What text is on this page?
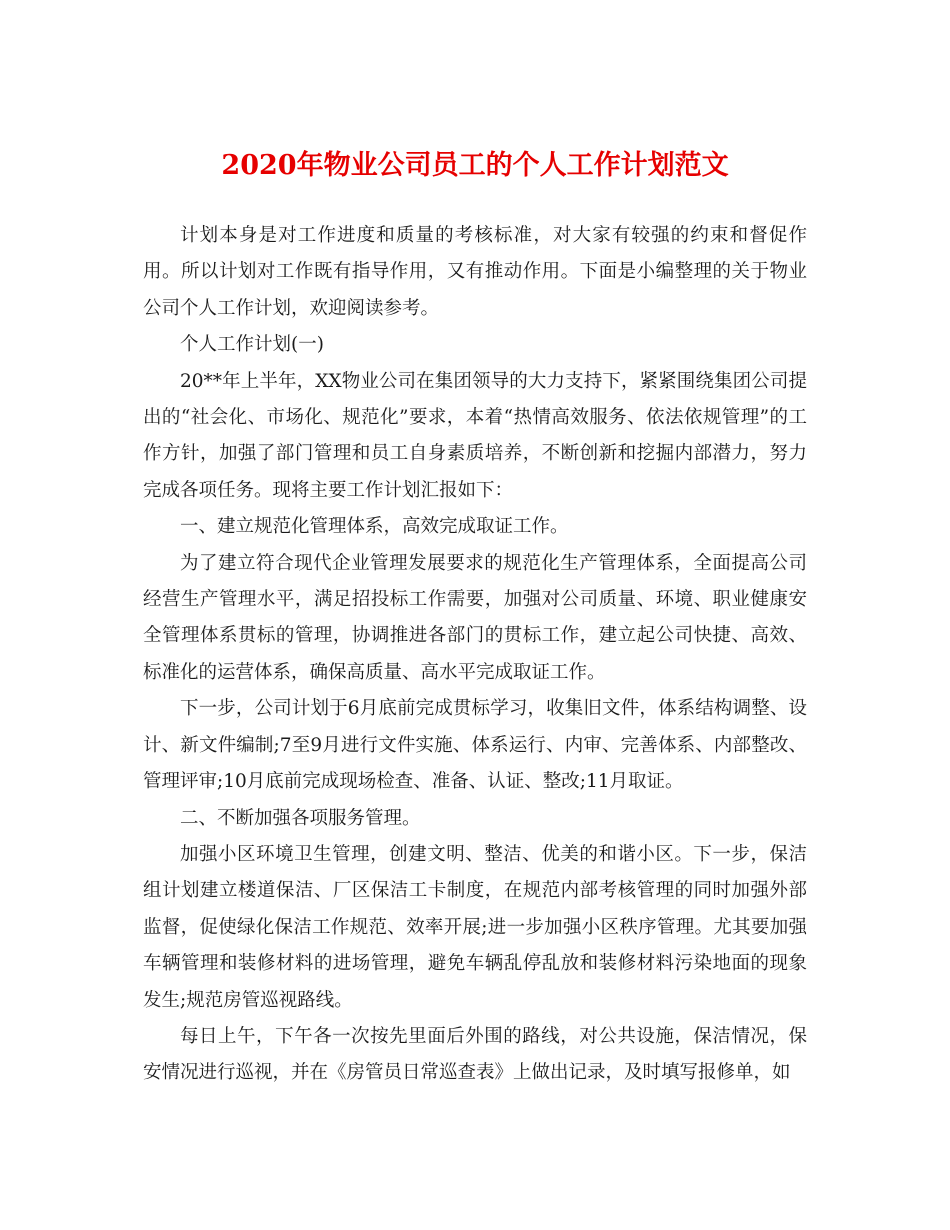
2020年物业公司员工的个人工作计划范文

计划本身是对工作进度和质量的考核标准，对大家有较强的约束和督促作用。所以计划对工作既有指导作用，又有推动作用。下面是小编整理的关于物业公司个人工作计划，欢迎阅读参考。

个人工作计划(一)

20**年上半年，XX物业公司在集团领导的大力支持下，紧紧围绕集团公司提出的“社会化、市场化、规范化”要求，本着“热情高效服务、依法依规管理”的工作方针，加强了部门管理和员工自身素质培养，不断创新和挖掘内部潜力，努力完成各项任务。现将主要工作计划汇报如下：

一、建立规范化管理体系，高效完成取证工作。

为了建立符合现代企业管理发展要求的规范化生产管理体系，全面提高公司经营生产管理水平，满足招投标工作需要，加强对公司质量、环境、职业健康安全管理体系贯标的管理，协调推进各部门的贯标工作，建立起公司快捷、高效、标准化的运营体系，确保高质量、高水平完成取证工作。

下一步，公司计划于6月底前完成贯标学习，收集旧文件，体系结构调整、设计、新文件编制;7至9月进行文件实施、体系运行、内审、完善体系、内部整改、管理评审;10月底前完成现场检查、准备、认证、整改;11月取证。

二、不断加强各项服务管理。

加强小区环境卫生管理，创建文明、整洁、优美的和谐小区。下一步，保洁组计划建立楼道保洁、厂区保洁工卡制度，在规范内部考核管理的同时加强外部监督，促使绿化保洁工作规范、效率开展;进一步加强小区秩序管理。尤其要加强车辆管理和装修材料的进场管理，避免车辆乱停乱放和装修材料污染地面的现象发生;规范房管巡视路线。

每日上午，下午各一次按先里面后外围的路线，对公共设施，保洁情况，保安情况进行巡视，并在《房管员日常巡查表》上做出记录，及时填写报修单，如
